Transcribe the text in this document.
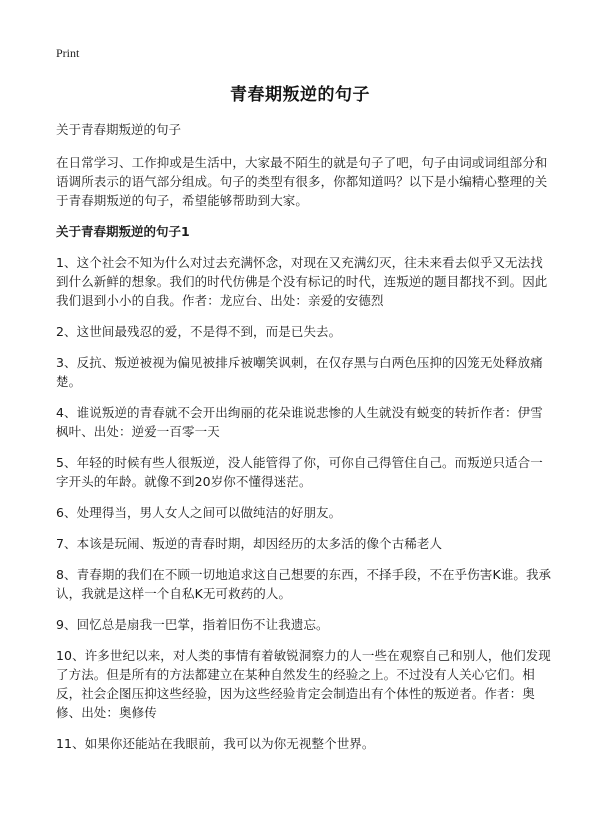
Print
青春期叛逆的句子

关于青春期叛逆的句子

在日常学习、工作抑或是生活中，大家最不陌生的就是句子了吧，句子由词或词组部分和语调所表示的语气部分组成。句子的类型有很多，你都知道吗？以下是小编精心整理的关于青春期叛逆的句子，希望能够帮助到大家。

关于青春期叛逆的句子1

1、这个社会不知为什么对过去充满怀念，对现在又充满幻灭，往未来看去似乎又无法找到什么新鲜的想象。我们的时代仿佛是个没有标记的时代，连叛逆的题目都找不到。因此我们退到小小的自我。作者：龙应台、出处：亲爱的安德烈

2、这世间最残忍的爱，不是得不到，而是已失去。

3、反抗、叛逆被视为偏见被排斥被嘲笑讽刺，在仅存黑与白两色压抑的囚笼无处释放痛楚。

4、谁说叛逆的青春就不会开出绚丽的花朵谁说悲惨的人生就没有蜕变的转折作者：伊雪枫叶、出处：逆爱一百零一天

5、年轻的时候有些人很叛逆，没人能管得了你，可你自己得管住自己。而叛逆只适合一字开头的年龄。就像不到20岁你不懂得迷茫。

6、处理得当，男人女人之间可以做纯洁的好朋友。

7、本该是玩闹、叛逆的青春时期，却因经历的太多活的像个古稀老人

8、青春期的我们在不顾一切地追求这自己想要的东西，不择手段，不在乎伤害K谁。我承认，我就是这样一个自私K无可救药的人。

9、回忆总是扇我一巴掌，指着旧伤不让我遗忘。

10、许多世纪以来，对人类的事情有着敏锐洞察力的人一些在观察自己和别人，他们发现了方法。但是所有的方法都建立在某种自然发生的经验之上。不过没有人关心它们。相反，社会企图压抑这些经验，因为这些经验肯定会制造出有个体性的叛逆者。作者：奥修、出处：奥修传

11、如果你还能站在我眼前，我可以为你无视整个世界。
